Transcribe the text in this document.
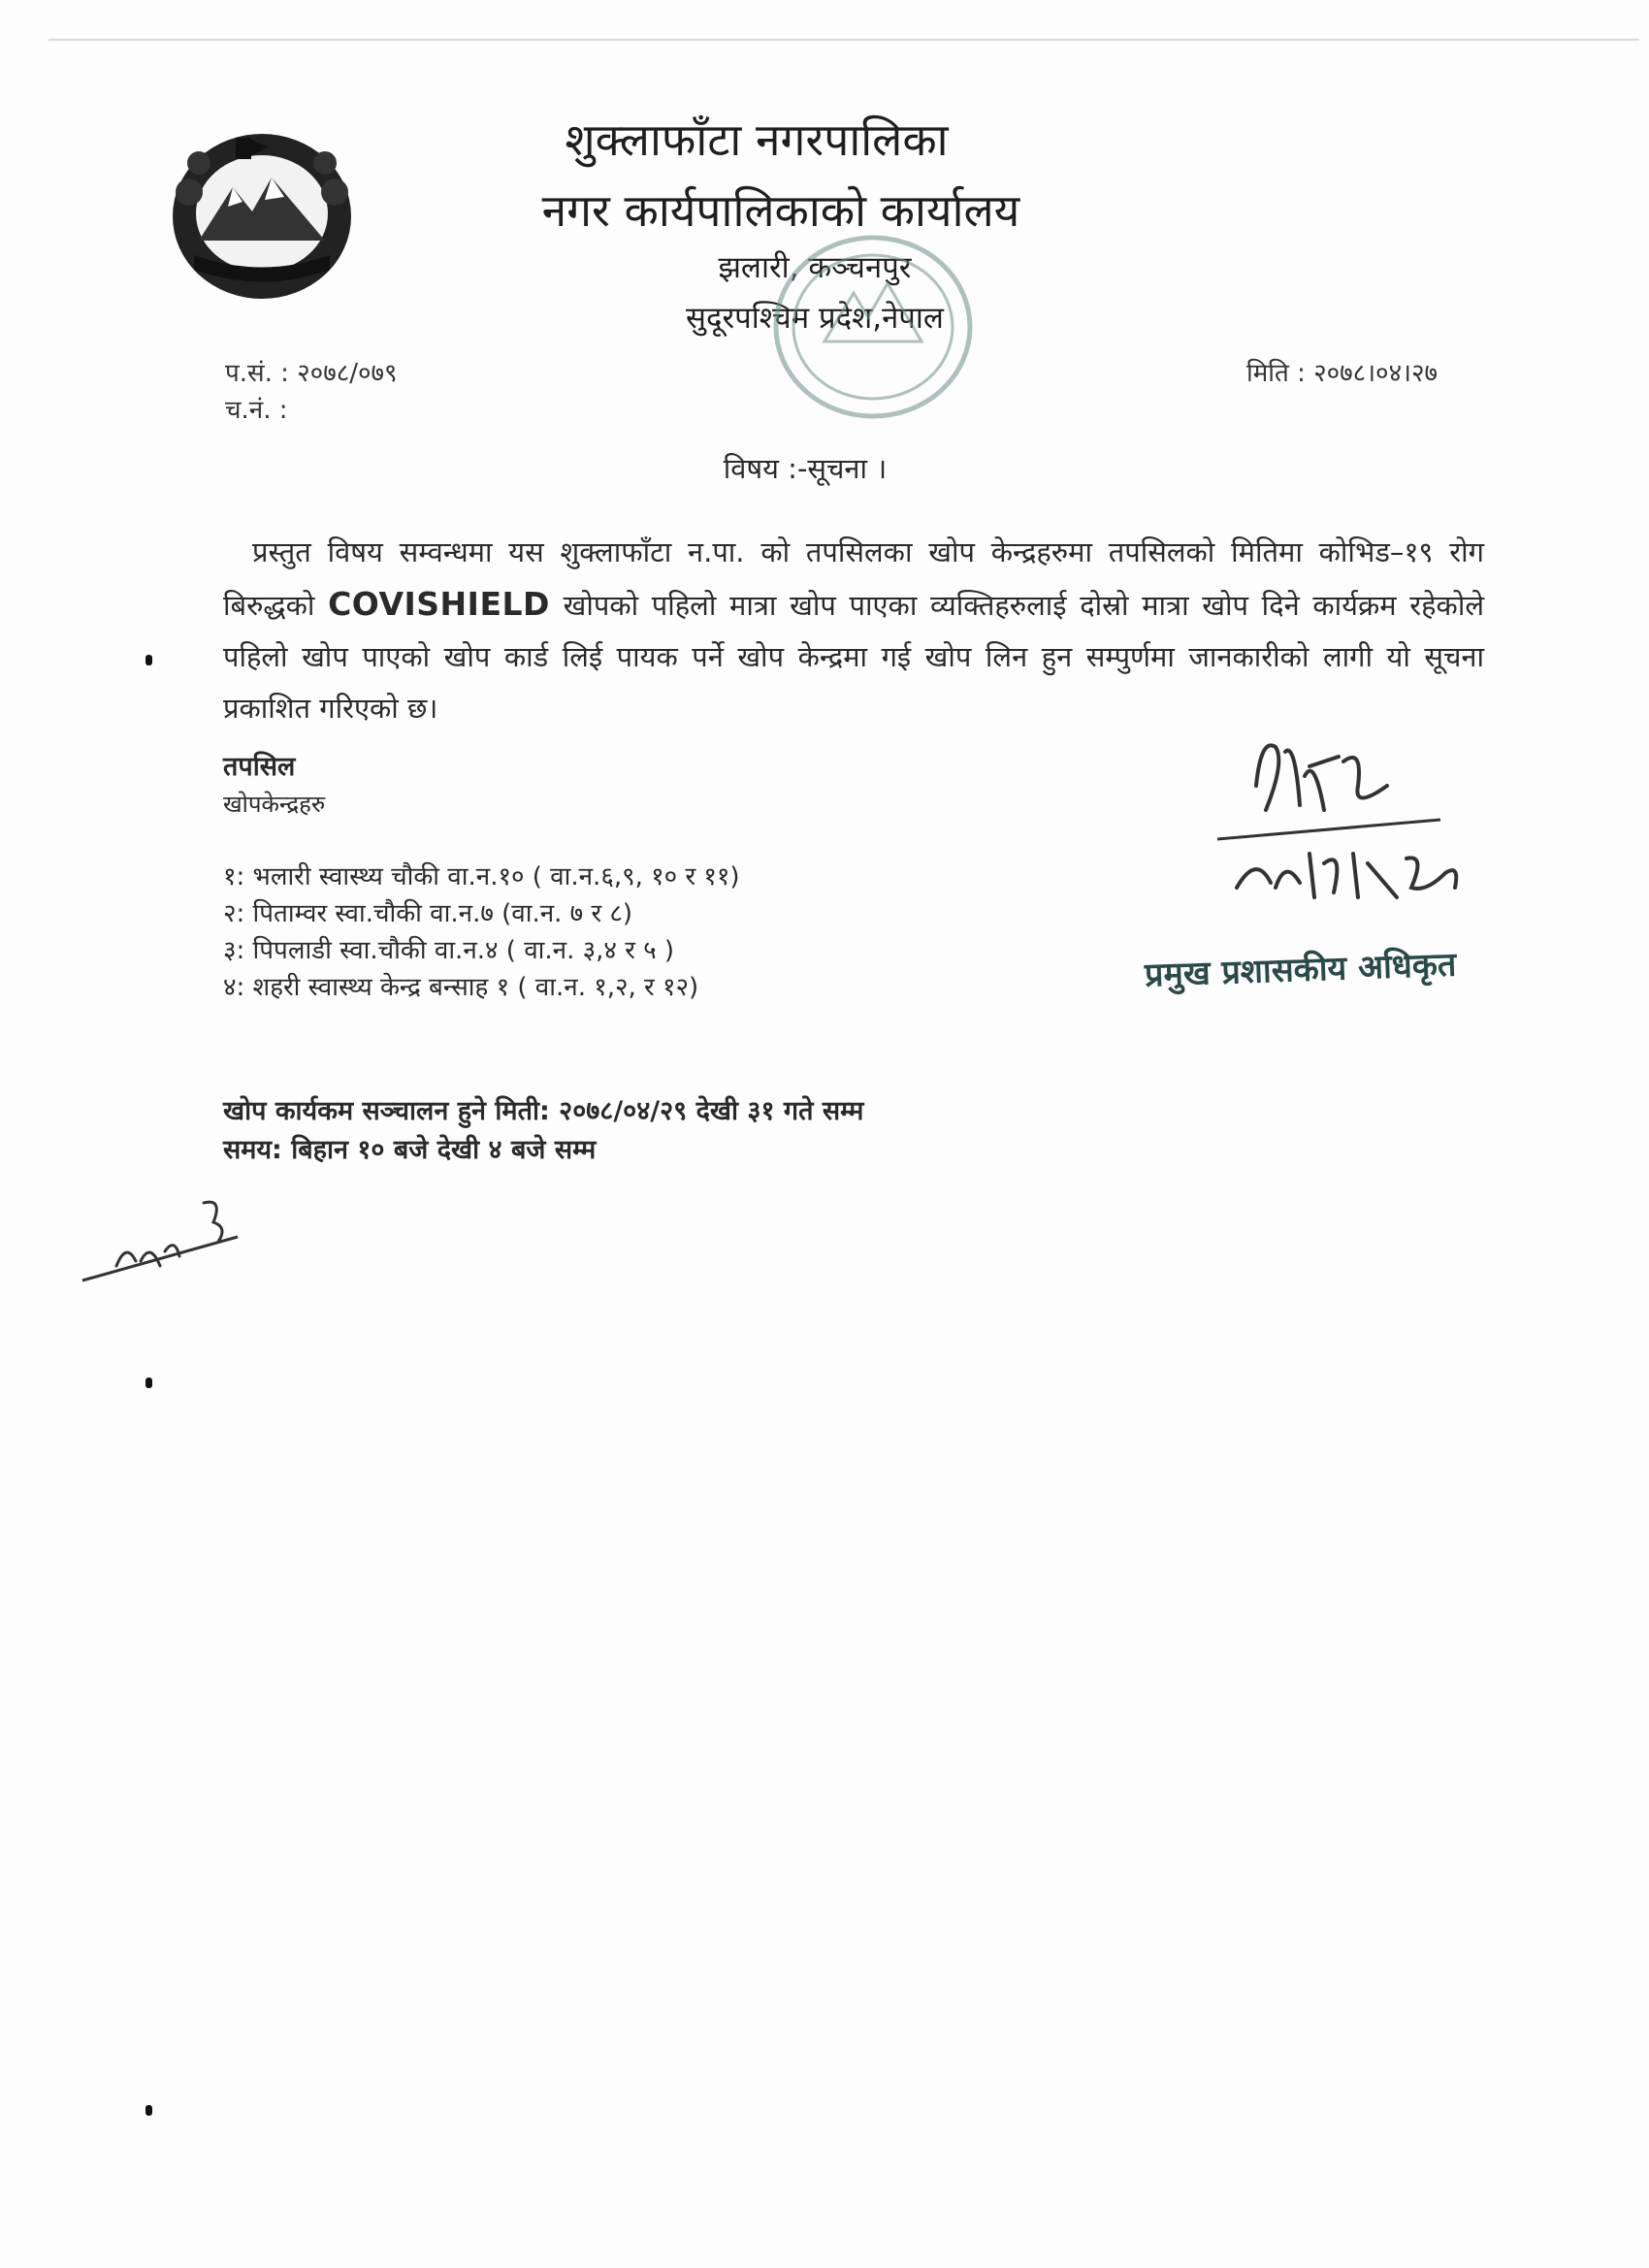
शुक्लाफाँटा नगरपालिका
नगर कार्यपालिकाको कार्यालय
झलारी, कञ्चनपुर
सुदूरपश्चिम प्रदेश,नेपाल
प.सं. : २०७८/०७९
च.नं. :
मिति : २०७८।०४।२७
विषय :-सूचना ।
प्रस्तुत विषय सम्वन्धमा यस शुक्लाफाँटा न.पा. को तपसिलका खोप केन्द्रहरुमा तपसिलको मितिमा कोभिड–१९ रोग बिरुद्धको COVISHIELD खोपको पहिलो मात्रा खोप पाएका व्यक्तिहरुलाई दोस्रो मात्रा खोप दिने कार्यक्रम रहेकोले पहिलो खोप पाएको खोप कार्ड लिई पायक पर्ने खोप केन्द्रमा गई खोप लिन हुन सम्पुर्णमा जानकारीको लागी यो सूचना प्रकाशित गरिएको छ।
तपसिल
खोपकेन्द्रहरु
१: भलारी स्वास्थ्य चौकी वा.न.१० ( वा.न.६,९, १० र ११)
२: पिताम्वर स्वा.चौकी वा.न.७ (वा.न. ७ र ८)
३: पिपलाडी स्वा.चौकी वा.न.४ ( वा.न. ३,४ र ५ )
४: शहरी स्वास्थ्य केन्द्र बन्साह १ ( वा.न. १,२, र १२)	प्रमुख प्रशासकीय अधिकृत
खोप कार्यकम सञ्चालन हुने मिती: २०७८/०४/२९ देखी ३१ गते सम्म
समय: बिहान १० बजे देखी ४ बजे सम्म
